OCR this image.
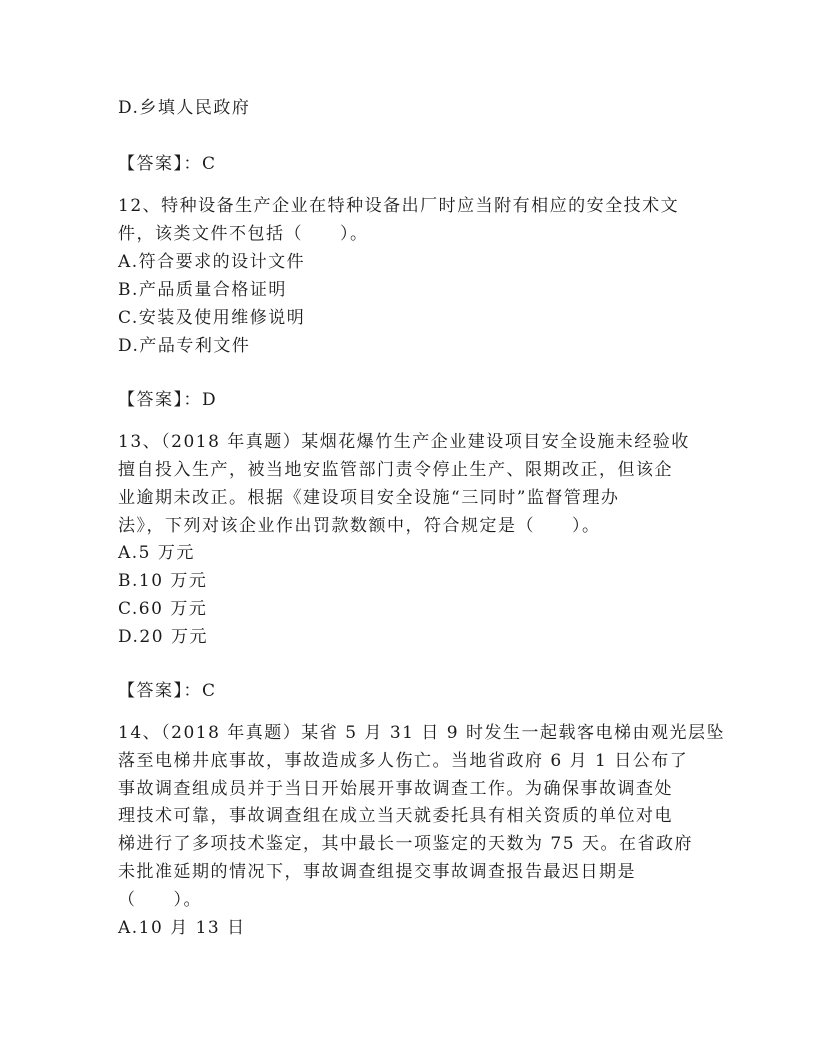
D.乡填人民政府
【答案】：C
12、特种设备生产企业在特种设备出厂时应当附有相应的安全技术文
件，该类文件不包括（　　）。
A.符合要求的设计文件
B.产品质量合格证明
C.安装及使用维修说明
D.产品专利文件
【答案】：D
13、（2018 年真题）某烟花爆竹生产企业建设项目安全设施未经验收
擅自投入生产，被当地安监管部门责令停止生产、限期改正，但该企
业逾期未改正。根据《建设项目安全设施“三同时”监督管理办
法》，下列对该企业作出罚款数额中，符合规定是（　　）。
A.5 万元
B.10 万元
C.60 万元
D.20 万元
【答案】：C
14、（2018 年真题）某省 5 月 31 日 9 时发生一起载客电梯由观光层坠
落至电梯井底事故，事故造成多人伤亡。当地省政府 6 月 1 日公布了
事故调查组成员并于当日开始展开事故调查工作。为确保事故调查处
理技术可靠，事故调查组在成立当天就委托具有相关资质的单位对电
梯进行了多项技术鉴定，其中最长一项鉴定的天数为 75 天。在省政府
未批准延期的情况下，事故调查组提交事故调查报告最迟日期是
（　　）。
A.10 月 13 日
